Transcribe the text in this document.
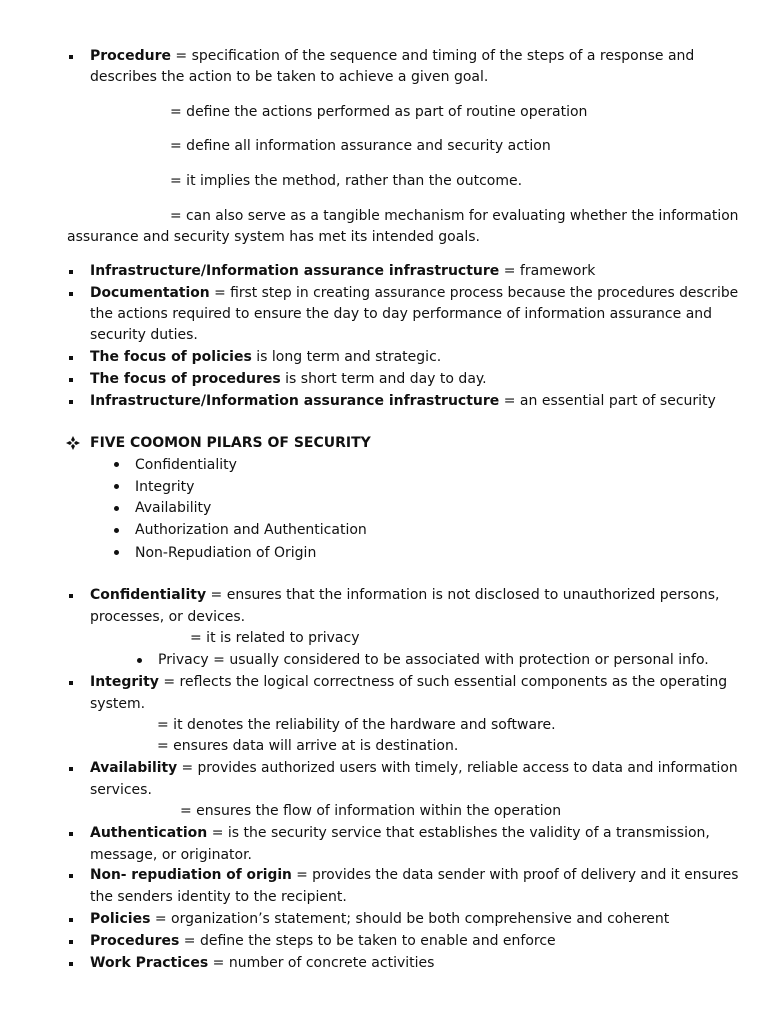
Procedure = specification of the sequence and timing of the steps of a response and
describes the action to be taken to achieve a given goal.
= define the actions performed as part of routine operation
= define all information assurance and security action
= it implies the method, rather than the outcome.
= can also serve as a tangible mechanism for evaluating whether the information
assurance and security system has met its intended goals.
Infrastructure/Information assurance infrastructure = framework
Documentation = first step in creating assurance process because the procedures describe
the actions required to ensure the day to day performance of information assurance and
security duties.
The focus of policies is long term and strategic.
The focus of procedures is short term and day to day.
Infrastructure/Information assurance infrastructure = an essential part of security
FIVE COOMON PILARS OF SECURITY
Confidentiality
Integrity
Availability
Authorization and Authentication
Non-Repudiation of Origin
Confidentiality = ensures that the information is not disclosed to unauthorized persons,
processes, or devices.
= it is related to privacy
Privacy = usually considered to be associated with protection or personal info.
Integrity = reflects the logical correctness of such essential components as the operating
system.
= it denotes the reliability of the hardware and software.
= ensures data will arrive at is destination.
Availability = provides authorized users with timely, reliable access to data and information
services.
= ensures the flow of information within the operation
Authentication = is the security service that establishes the validity of a transmission,
message, or originator.
Non- repudiation of origin = provides the data sender with proof of delivery and it ensures
the senders identity to the recipient.
Policies = organization’s statement; should be both comprehensive and coherent
Procedures = define the steps to be taken to enable and enforce
Work Practices = number of concrete activities
